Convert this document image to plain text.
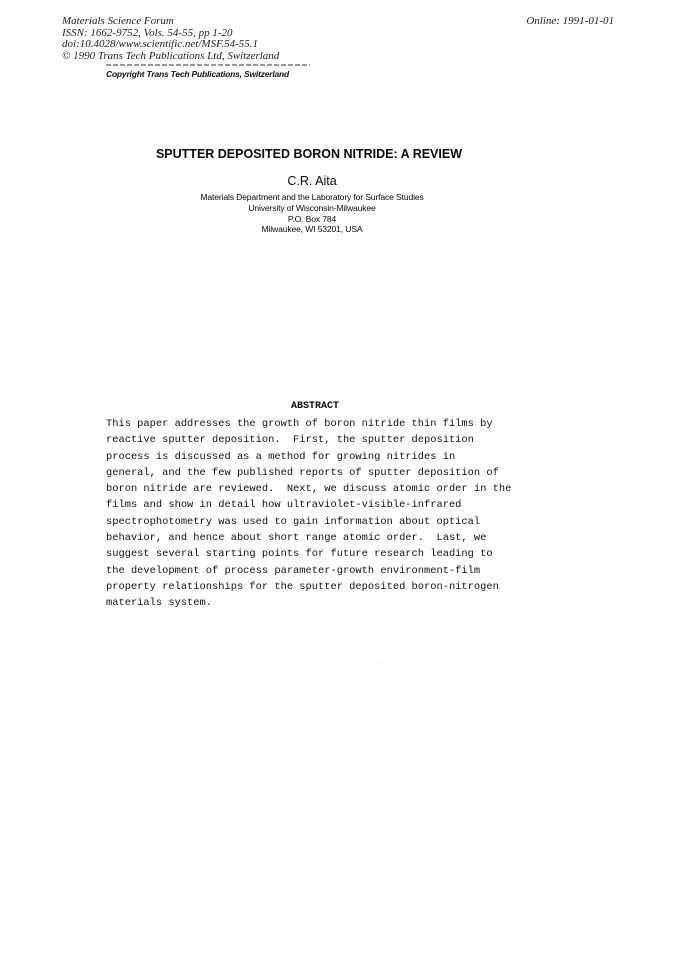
Materials Science Forum
ISSN: 1662-9752, Vols. 54-55, pp 1-20
doi:10.4028/www.scientific.net/MSF.54-55.1
© 1990 Trans Tech Publications Ltd, Switzerland
Online: 1991-01-01
Copyright Trans Tech Publications, Switzerland
SPUTTER DEPOSITED BORON NITRIDE: A REVIEW
C.R. Aita
Materials Department and the Laboratory for Surface Studies
University of Wisconsin-Milwaukee
P.O. Box 784
Milwaukee, WI 53201, USA
ABSTRACT
This paper addresses the growth of boron nitride thin films by
reactive sputter deposition.  First, the sputter deposition
process is discussed as a method for growing nitrides in
general, and the few published reports of sputter deposition of
boron nitride are reviewed.  Next, we discuss atomic order in the
films and show in detail how ultraviolet-visible-infrared
spectrophotometry was used to gain information about optical
behavior, and hence about short range atomic order.  Last, we
suggest several starting points for future research leading to
the development of process parameter-growth environment-film
property relationships for the sputter deposited boron-nitrogen
materials system.
